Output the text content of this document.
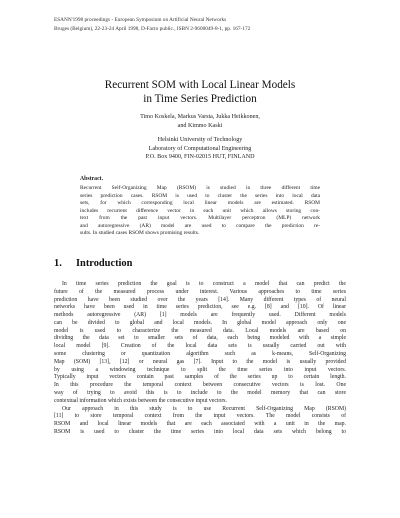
ESANN'1998 proceedings - European Symposium on Artificial Neural Networks
Bruges (Belgium), 22-23-24 April 1998, D-Facto public., ISBN 2-9600049-8-1, pp. 167-172
Recurrent SOM with Local Linear Models
in Time Series Prediction
Timo Koskela, Markus Varsta, Jukka Heikkonen,
and Kimmo Kaski
Helsinki University of Technology
Laboratory of Computational Engineering
P.O. Box 9400, FIN-02015 HUT, FINLAND
Abstract.
Recurrent Self-Organizing Map (RSOM) is studied in three different time
series prediction cases. RSOM is used to cluster the series into local data
sets, for which corresponding local linear models are estimated. RSOM
includes recurrent difference vector in each unit which allows storing con-
text from the past input vectors. Multilayer perceptron (MLP) network
and autoregressive (AR) model are used to compare the prediction re-
sults. In studied cases RSOM shows promising results.
1. Introduction
In time series prediction the goal is to construct a model that can predict the
future of the measured process under interest. Various approaches to time series
prediction have been studied over the years [14]. Many different types of neural
networks have been used in time series prediction, see e.g. [8] and [10]. Of linear
methods autoregressive (AR) [1] models are frequently used. Different models
can be divided to global and local models. In global model approach only one
model is used to characterize the measured data. Local models are based on
dividing the data set to smaller sets of data, each being modeled with a simple
local model [9]. Creation of the local data sets is usually carried out with
some clustering or quantization algorithm such as k-means, Self-Organizing
Map (SOM) [13], [12] or neural gas [7]. Input to the model is usually provided
by using a windowing technique to split the time series into input vectors.
Typically input vectors contain past samples of the series up to certain length.
In this procedure the temporal context between consecutive vectors is lost. One
way of trying to avoid this is to include to the model memory that can store
contextual information which exists between the consecutive input vectors.
Our approach in this study is to use Recurrent Self-Organizing Map (RSOM)
[11] to store temporal context from the input vectors. The model consists of
RSOM and local linear models that are each associated with a unit in the map.
RSOM is used to cluster the time series into local data sets which belong to
